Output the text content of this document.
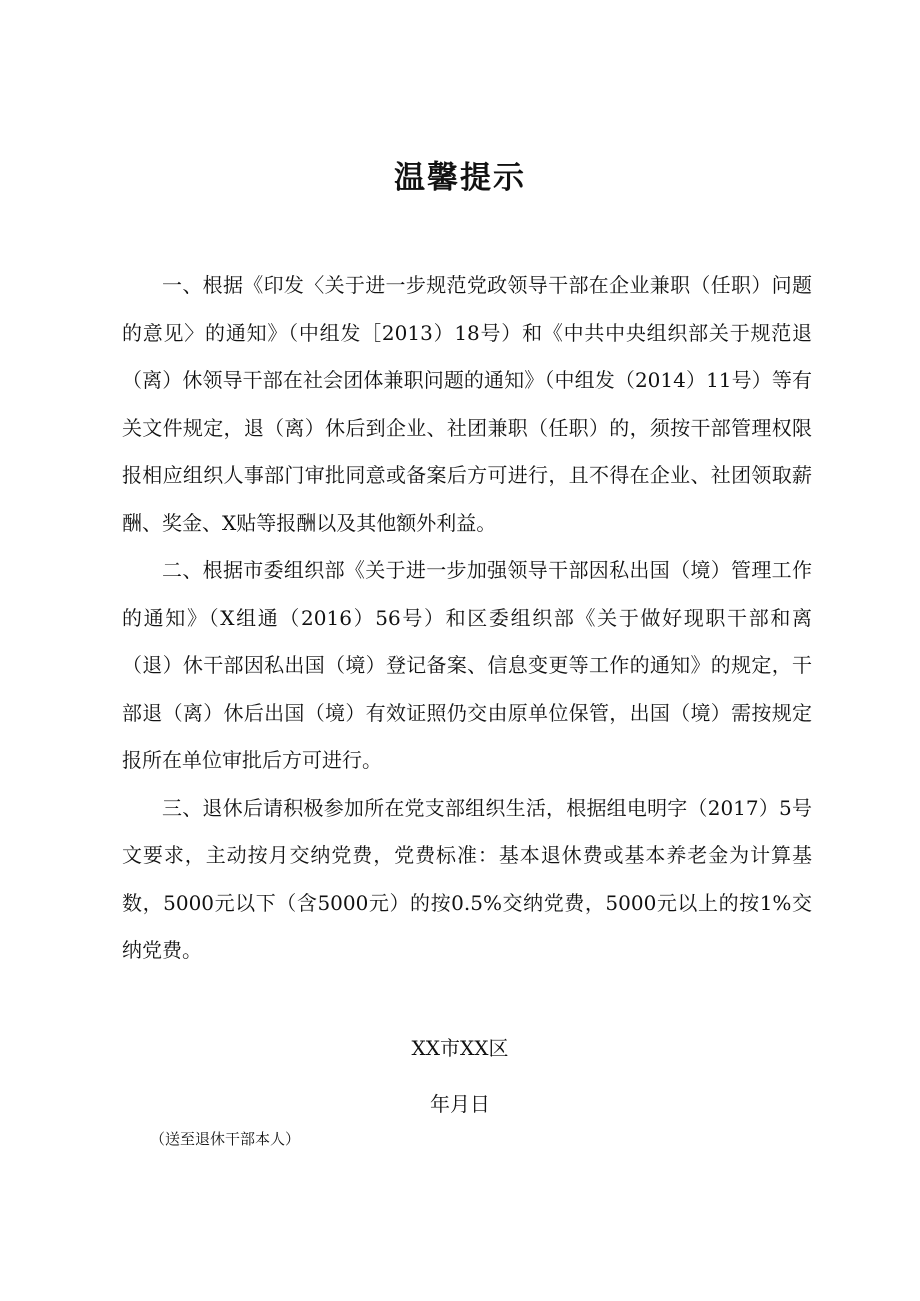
温馨提示

一、根据《印发〈关于进一步规范党政领导干部在企业兼职（任职）问题的意见〉的通知》（中组发［2013）18号）和《中共中央组织部关于规范退（离）休领导干部在社会团体兼职问题的通知》（中组发（2014）11号）等有关文件规定，退（离）休后到企业、社团兼职（任职）的，须按干部管理权限报相应组织人事部门审批同意或备案后方可进行，且不得在企业、社团领取薪酬、奖金、X贴等报酬以及其他额外利益。

二、根据市委组织部《关于进一步加强领导干部因私出国（境）管理工作的通知》（X组通（2016）56号）和区委组织部《关于做好现职干部和离（退）休干部因私出国（境）登记备案、信息变更等工作的通知》的规定，干部退（离）休后出国（境）有效证照仍交由原单位保管，出国（境）需按规定报所在单位审批后方可进行。

三、退休后请积极参加所在党支部组织生活，根据组电明字（2017）5号文要求，主动按月交纳党费，党费标准：基本退休费或基本养老金为计算基数，5000元以下（含5000元）的按0.5%交纳党费，5000元以上的按1%交纳党费。

XX市XX区
年月日
（送至退休干部本人）
